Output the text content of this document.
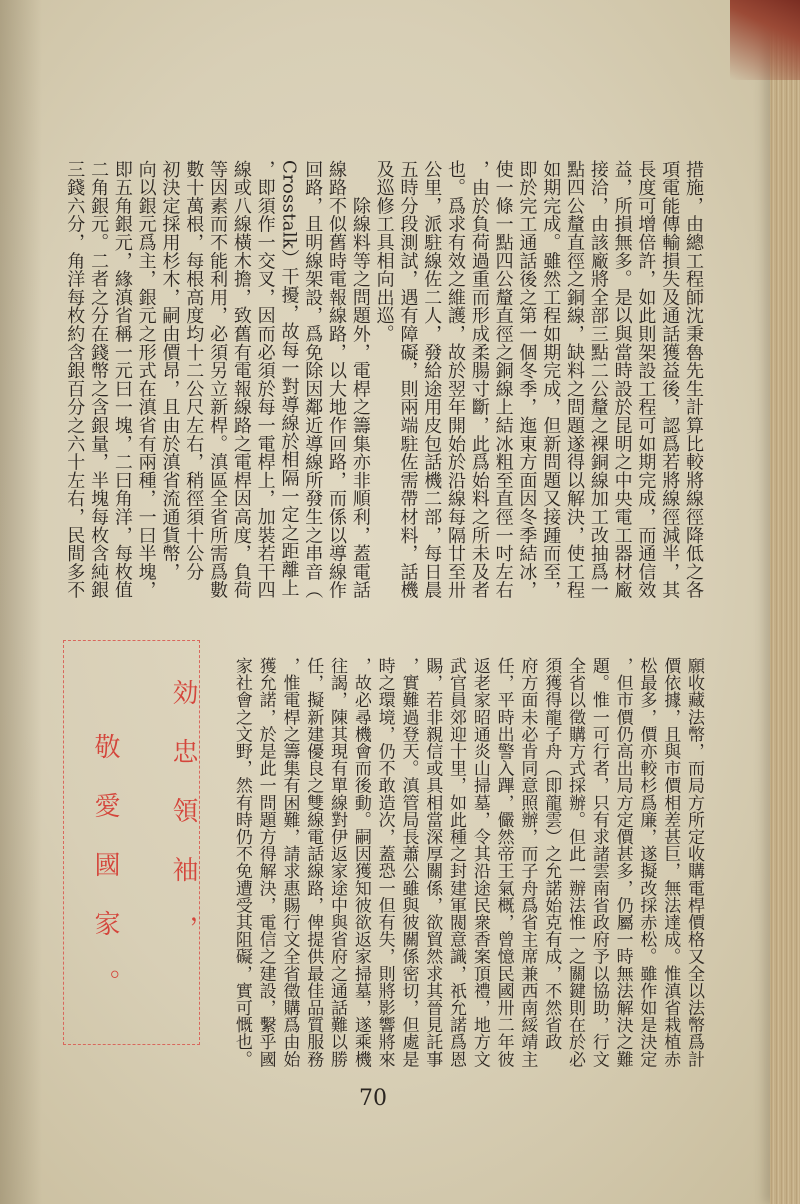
措施，由總工程師沈秉魯先生計算比較將線徑降低之各
項電能傳輸損失及通話獲益後，認爲若將線徑減半，其
長度可增倍許，如此則架設工程可如期完成，而通信效
益，所損無多。是以與當時設於昆明之中央電工器材廠
接洽，由該廠將全部三點二公釐之裸銅線加工改抽爲一
點四公釐直徑之銅線，缺料之問題遂得以解決，使工程
如期完成。雖然工程如期完成，但新問題又接踵而至，
即於完工通話後之第一個冬季，迤東方面因冬季結冰，
使一條一點四公釐直徑之銅線上結冰粗至直徑一吋左右
，由於負荷過重而形成柔腸寸斷，此爲始料之所未及者
也。爲求有效之維護，故於翌年開始於沿線每隔廿至卅
公里，派駐線佐二人，發給途用皮包話機二部，每日晨
五時分段測試，遇有障礙，則兩端駐佐需帶材料，話機
及巡修工具相向出巡。
　　除線料等之問題外，電桿之籌集亦非順利，蓋電話
線路不似舊時電報線路，以大地作回路，而係以導線作
回路，且明線架設，爲免除因鄰近導線所發生之串音（
Crosstalk）干擾，故每一對導線於相隔一定之距離上
，即須作一交叉，因而必須於每一電桿上，加裝若干四
線或八線橫木擔，致舊有電報線路之電桿因高度，負荷
等因素而不能利用，必須另立新桿。滇區全省所需爲數
數十萬根，每根高度均十二公尺左右，稍徑須十公分
初決定採用杉木，嗣由價昂，且由於滇省流通貨幣，
向以銀元爲主，銀元之形式在滇省有兩種，一曰半塊，
即五角銀元，緣滇省稱一元曰一塊，二曰角洋，每枚值
二角銀元。二者之分在錢幣之含銀量，半塊每枚含純銀
三錢六分，角洋每枚約含銀百分之六十左右，民間多不
願收藏法幣，而局方所定收購電桿價格又全以法幣爲計
價依據，且與市價相差甚巨，無法達成。惟滇省栽植赤
松最多，價亦較杉爲廉，遂擬改採赤松。雖作如是決定
，但市價仍高出局方定價甚多，仍屬一時無法解決之難
題。惟一可行者，只有求諸雲南省政府予以協助，行文
全省以徵購方式採辦。但此一辦法惟一之關鍵則在於必
須獲得龍子舟（即龍雲）之允諾始克有成，不然省政
府方面未必肯同意照辦，而子舟爲省主席兼西南綏靖主
任，平時出警入蹕，儼然帝王氣概，曾憶民國卅二年彼
返老家昭通炎山掃墓，令其沿途民衆香案頂禮，地方文
武官員郊迎十里，如此種之封建軍閥意識，祇允諾爲恩
賜，若非親信或具相當深厚關係，欲貿然求其晉見託事
，實難過登天。滇管局長蕭公雖與彼關係密切，但處是
時之環境，仍不敢造次，蓋恐一但有失，則將影響將來
，故必尋機會而後動。嗣因獲知彼欲返家掃墓，遂乘機
往謁，陳其現有單線對伊返家途中與省府之通話難以勝
任，擬新建優良之雙線電話線路，俾提供最佳品質服務
，惟電桿之籌集有困難，請求惠賜行文全省徵購爲由始
獲允諾，於是此一問題方得解決，電信之建設，繫乎國
家社會之文野，然有時仍不免遭受其阻礙，實可慨也。
効忠領袖，
敬愛國家。
70
